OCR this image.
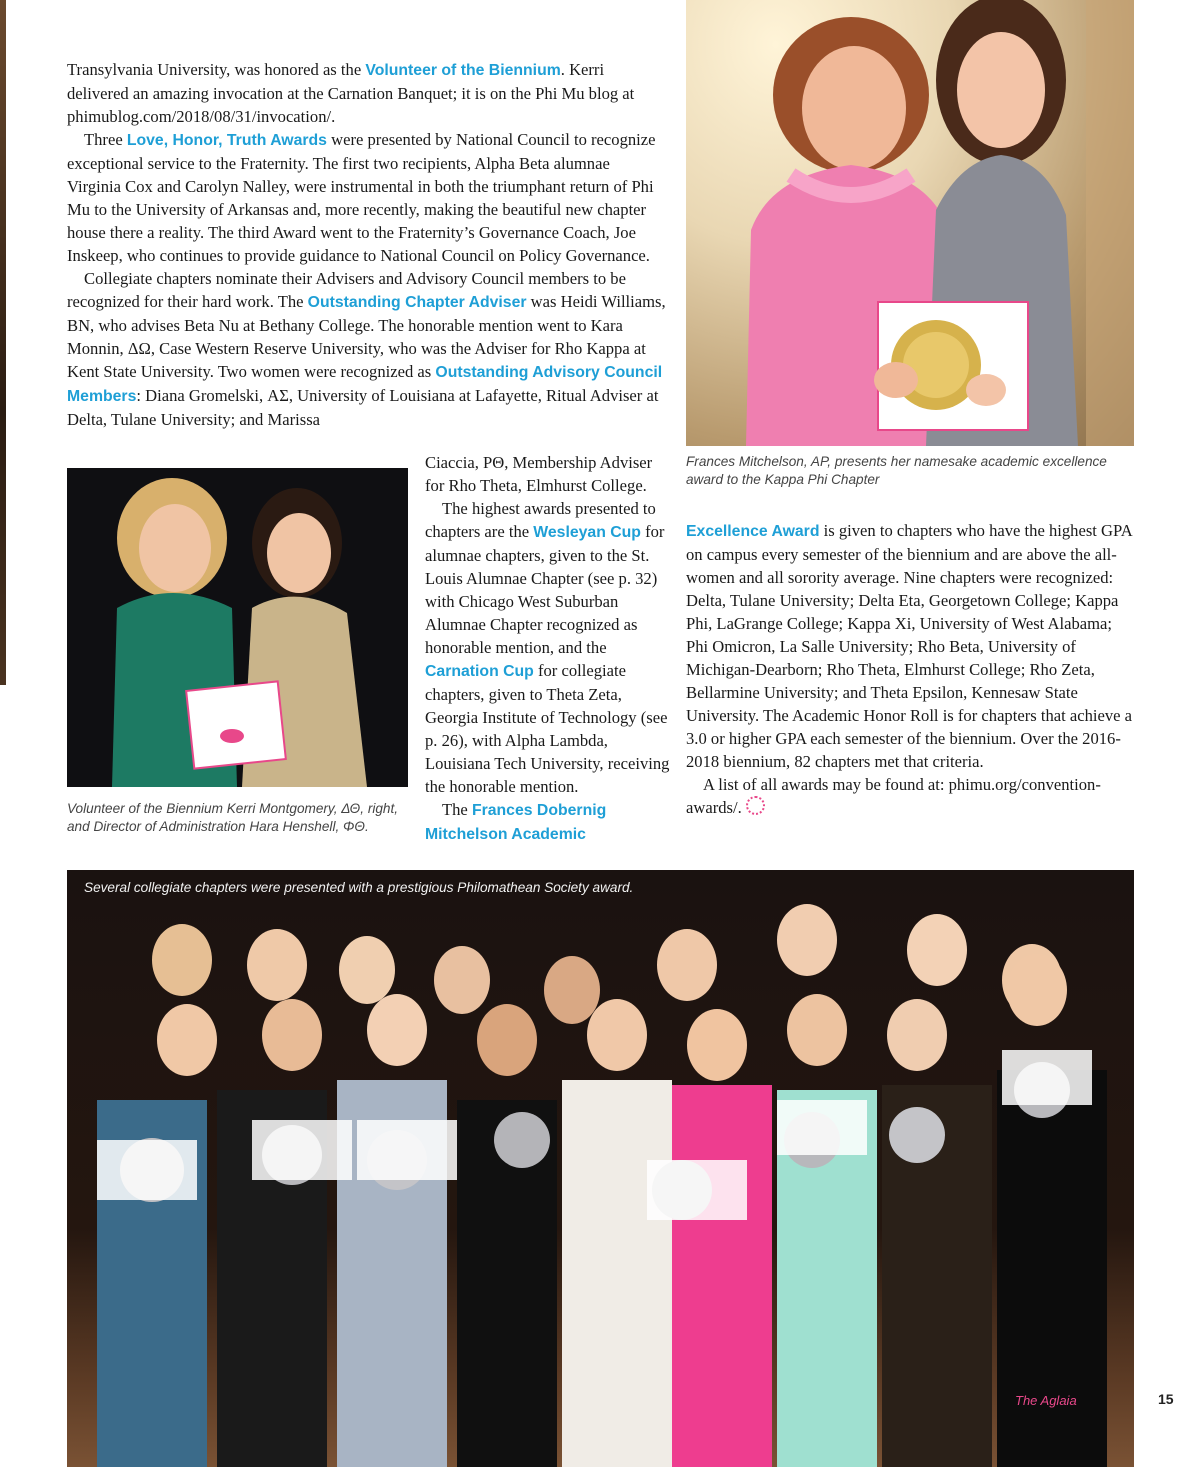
Transylvania University, was honored as the Volunteer of the Biennium. Kerri delivered an amazing invocation at the Carnation Banquet; it is on the Phi Mu blog at phimublog.com/2018/08/31/invocation/.

Three Love, Honor, Truth Awards were presented by National Council to recognize exceptional service to the Fraternity. The first two recipients, Alpha Beta alumnae Virginia Cox and Carolyn Nalley, were instrumental in both the triumphant return of Phi Mu to the University of Arkansas and, more recently, making the beautiful new chapter house there a reality. The third Award went to the Fraternity’s Governance Coach, Joe Inskeep, who continues to provide guidance to National Council on Policy Governance.

Collegiate chapters nominate their Advisers and Advisory Council members to be recognized for their hard work. The Outstanding Chapter Adviser was Heidi Williams, BN, who advises Beta Nu at Bethany College. The honorable mention went to Kara Monnin, ΔΩ, Case Western Reserve University, who was the Adviser for Rho Kappa at Kent State University. Two women were recognized as Outstanding Advisory Council Members: Diana Gromelski, ΑΣ, University of Louisiana at Lafayette, Ritual Adviser at Delta, Tulane University; and Marissa

Ciaccia, ΡΘ, Membership Adviser for Rho Theta, Elmhurst College.

The highest awards presented to chapters are the Wesleyan Cup for alumnae chapters, given to the St. Louis Alumnae Chapter (see p. 32) with Chicago West Suburban Alumnae Chapter recognized as honorable mention, and the Carnation Cup for collegiate chapters, given to Theta Zeta, Georgia Institute of Technology (see p. 26), with Alpha Lambda, Louisiana Tech University, receiving the honorable mention.

The Frances Dobernig Mitchelson Academic

Excellence Award is given to chapters who have the highest GPA on campus every semester of the biennium and are above the all-women and all sorority average. Nine chapters were recognized: Delta, Tulane University; Delta Eta, Georgetown College; Kappa Phi, LaGrange College; Kappa Xi, University of West Alabama; Phi Omicron, La Salle University; Rho Beta, University of Michigan-Dearborn; Rho Theta, Elmhurst College; Rho Zeta, Bellarmine University; and Theta Epsilon, Kennesaw State University. The Academic Honor Roll is for chapters that achieve a 3.0 or higher GPA each semester of the biennium. Over the 2016-2018 biennium, 82 chapters met that criteria.

A list of all awards may be found at: phimu.org/convention-awards/.

Frances Mitchelson, AP, presents her namesake academic excellence award to the Kappa Phi Chapter
Volunteer of the Biennium Kerri Montgomery, ΔΘ, right, and Director of Administration Hara Henshell, ΦΘ.
Several collegiate chapters were presented with a prestigious Philomathean Society award.
The Aglaia	15
